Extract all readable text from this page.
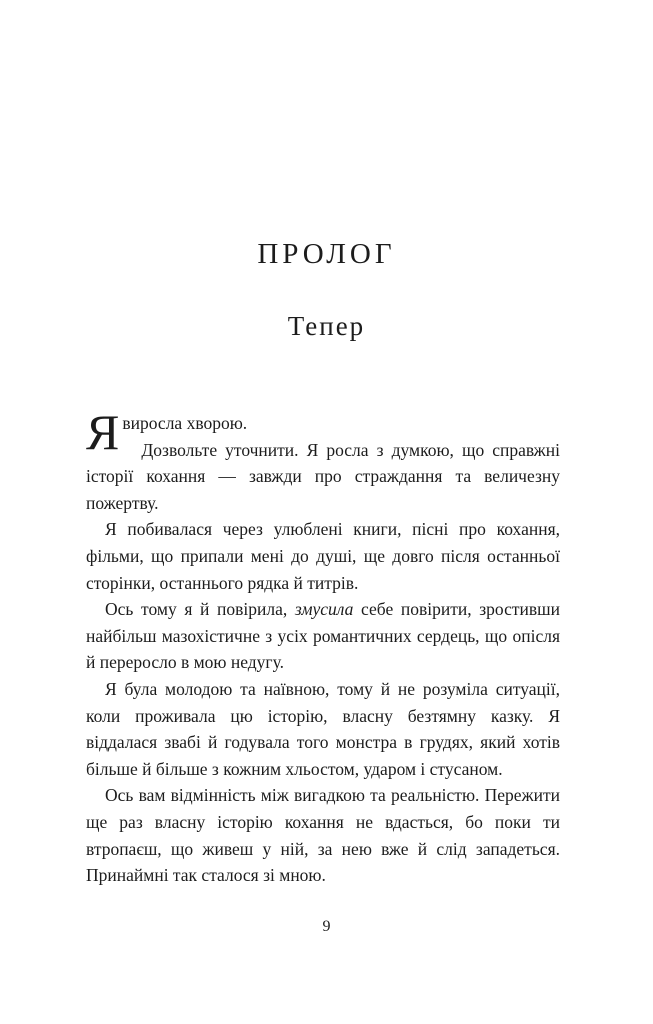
ПРОЛОГ
Тепер

Я виросла хворою.

Дозвольте уточнити. Я росла з думкою, що справжні історії кохання — завжди про страждання та величезну пожертву.

Я побивалася через улюблені книги, пісні про кохання, фільми, що припали мені до душі, ще довго після останньої сторінки, останнього рядка й титрів.

Ось тому я й повірила, змусила себе повірити, зростивши найбільш мазохістичне з усіх романтичних сердець, що опісля й переросло в мою недугу.

Я була молодою та наївною, тому й не розуміла ситуації, коли проживала цю історію, власну безтямну казку. Я віддалася звабі й годувала того монстра в грудях, який хотів більше й більше з кожним хльостом, ударом і стусаном.

Ось вам відмінність між вигадкою та реальністю. Пережити ще раз власну історію кохання не вдасться, бо поки ти втропаєш, що живеш у ній, за нею вже й слід западеться. Принаймні так сталося зі мною.

9
